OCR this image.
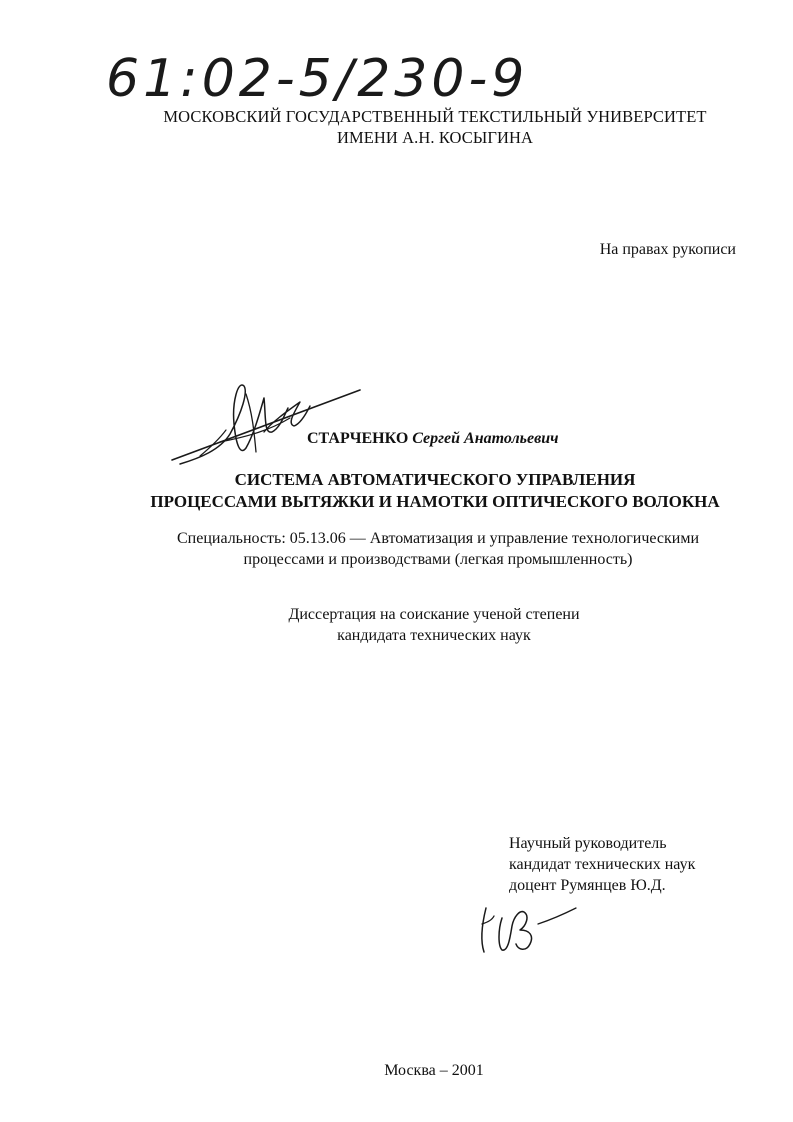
61:02-5/230-9
МОСКОВСКИЙ ГОСУДАРСТВЕННЫЙ ТЕКСТИЛЬНЫЙ УНИВЕРСИТЕТ
ИМЕНИ А.Н. КОСЫГИНА
На правах рукописи
СТАРЧЕНКО Сергей Анатольевич
СИСТЕМА АВТОМАТИЧЕСКОГО УПРАВЛЕНИЯ
ПРОЦЕССАМИ ВЫТЯЖКИ И НАМОТКИ ОПТИЧЕСКОГО ВОЛОКНА
Специальность: 05.13.06 — Автоматизация и управление технологическими
процессами и производствами (легкая промышленность)
Диссертация на соискание ученой степени
кандидата технических наук
Научный руководитель
кандидат технических наук
доцент Румянцев Ю.Д.
Москва – 2001
